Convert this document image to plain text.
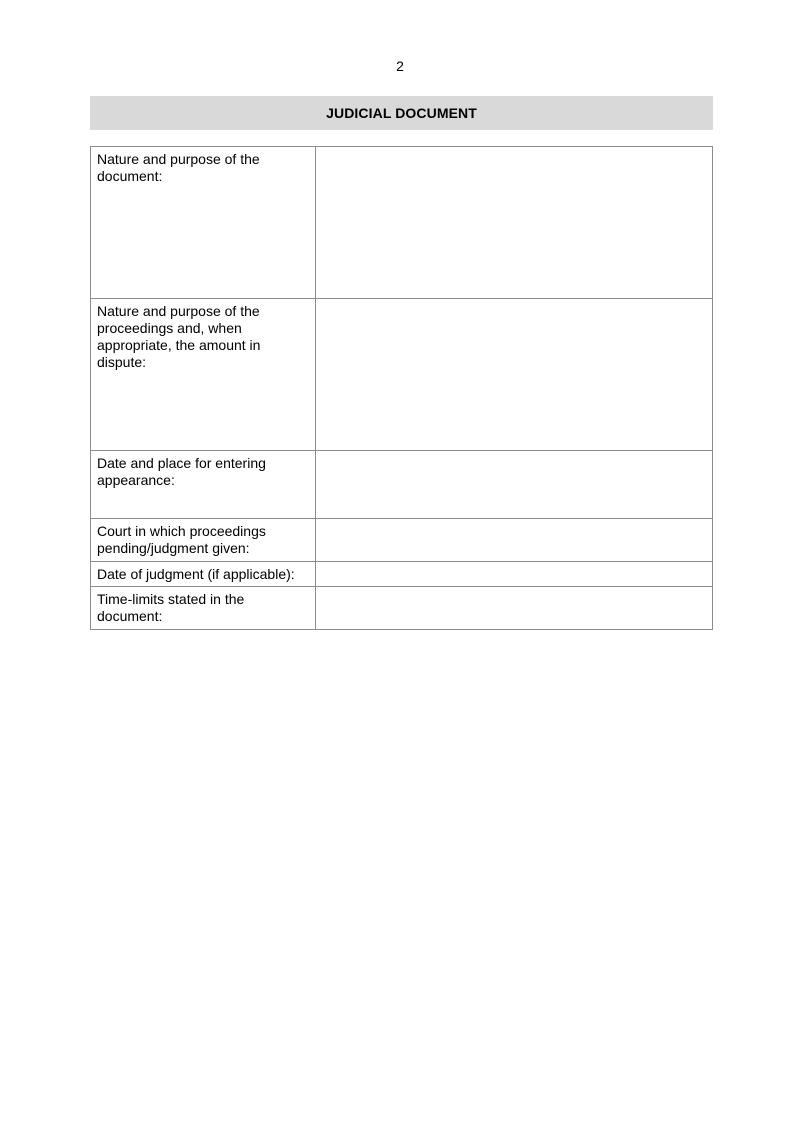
2
JUDICIAL DOCUMENT
Nature and purpose of the document:	
Nature and purpose of the proceedings and, when appropriate, the amount in dispute:	
Date and place for entering appearance:	
Court in which proceedings pending/judgment given:	
Date of judgment (if applicable):	
Time-limits stated in the document:	
